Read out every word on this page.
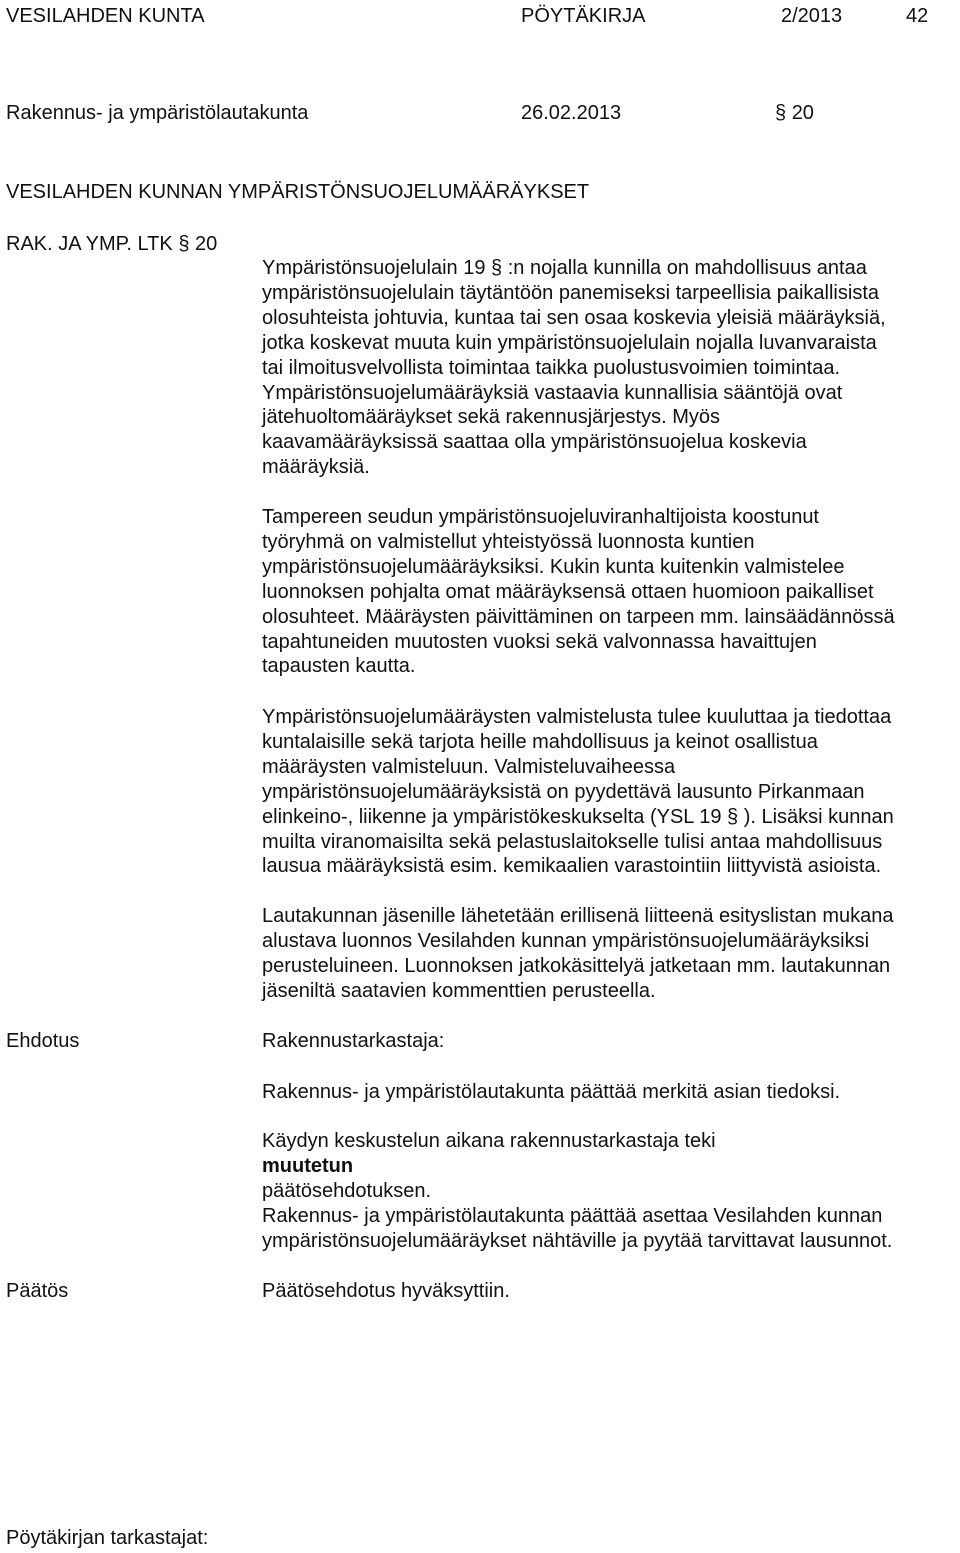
VESILAHDEN KUNTA	PÖYTÄKIRJA	2/2013	42
Rakennus- ja ympäristölautakunta	26.02.2013	§ 20
VESILAHDEN KUNNAN YMPÄRISTÖNSUOJELUMÄÄRÄYKSET
RAK. JA YMP. LTK § 20
Ympäristönsuojelulain 19 § :n nojalla kunnilla on mahdollisuus antaa
ympäristönsuojelulain täytäntöön panemiseksi tarpeellisia paikallisista
olosuhteista johtuvia, kuntaa tai sen osaa koskevia yleisiä määräyksiä,
jotka koskevat muuta kuin ympäristönsuojelulain nojalla luvanvaraista
tai ilmoitusvelvollista toimintaa taikka puolustusvoimien toimintaa.
Ympäristönsuojelumääräyksiä vastaavia kunnallisia sääntöjä ovat
jätehuoltomääräykset sekä rakennusjärjestys. Myös
kaavamääräyksissä saattaa olla ympäristönsuojelua koskevia
määräyksiä.
Tampereen seudun ympäristönsuojeluviranhaltijoista koostunut
työryhmä on valmistellut yhteistyössä luonnosta kuntien
ympäristönsuojelumääräyksiksi. Kukin kunta kuitenkin valmistelee
luonnoksen pohjalta omat määräyksensä ottaen huomioon paikalliset
olosuhteet. Määräysten päivittäminen on tarpeen mm. lainsäädännössä
tapahtuneiden muutosten vuoksi sekä valvonnassa havaittujen
tapausten kautta.
Ympäristönsuojelumääräysten valmistelusta tulee kuuluttaa ja tiedottaa
kuntalaisille sekä tarjota heille mahdollisuus ja keinot osallistua
määräysten valmisteluun. Valmisteluvaiheessa
ympäristönsuojelumääräyksistä on pyydettävä lausunto Pirkanmaan
elinkeino-, liikenne ja ympäristökeskukselta (YSL 19 § ). Lisäksi kunnan
muilta viranomaisilta sekä pelastuslaitokselle tulisi antaa mahdollisuus
lausua määräyksistä esim. kemikaalien varastointiin liittyvistä asioista.
Lautakunnan jäsenille lähetetään erillisenä liitteenä esityslistan mukana
alustava luonnos Vesilahden kunnan ympäristönsuojelumääräyksiksi
perusteluineen. Luonnoksen jatkokäsittelyä jatketaan mm. lautakunnan
jäseniltä saatavien kommenttien perusteella.
Ehdotus	Rakennustarkastaja:
Rakennus- ja ympäristölautakunta päättää merkitä asian tiedoksi.
Käydyn keskustelun aikana rakennustarkastaja teki
muutetun
päätösehdotuksen.
Rakennus- ja ympäristölautakunta päättää asettaa Vesilahden kunnan
ympäristönsuojelumääräykset nähtäville ja pyytää tarvittavat lausunnot.
Päätös	Päätösehdotus hyväksyttiin.
Pöytäkirjan tarkastajat:
